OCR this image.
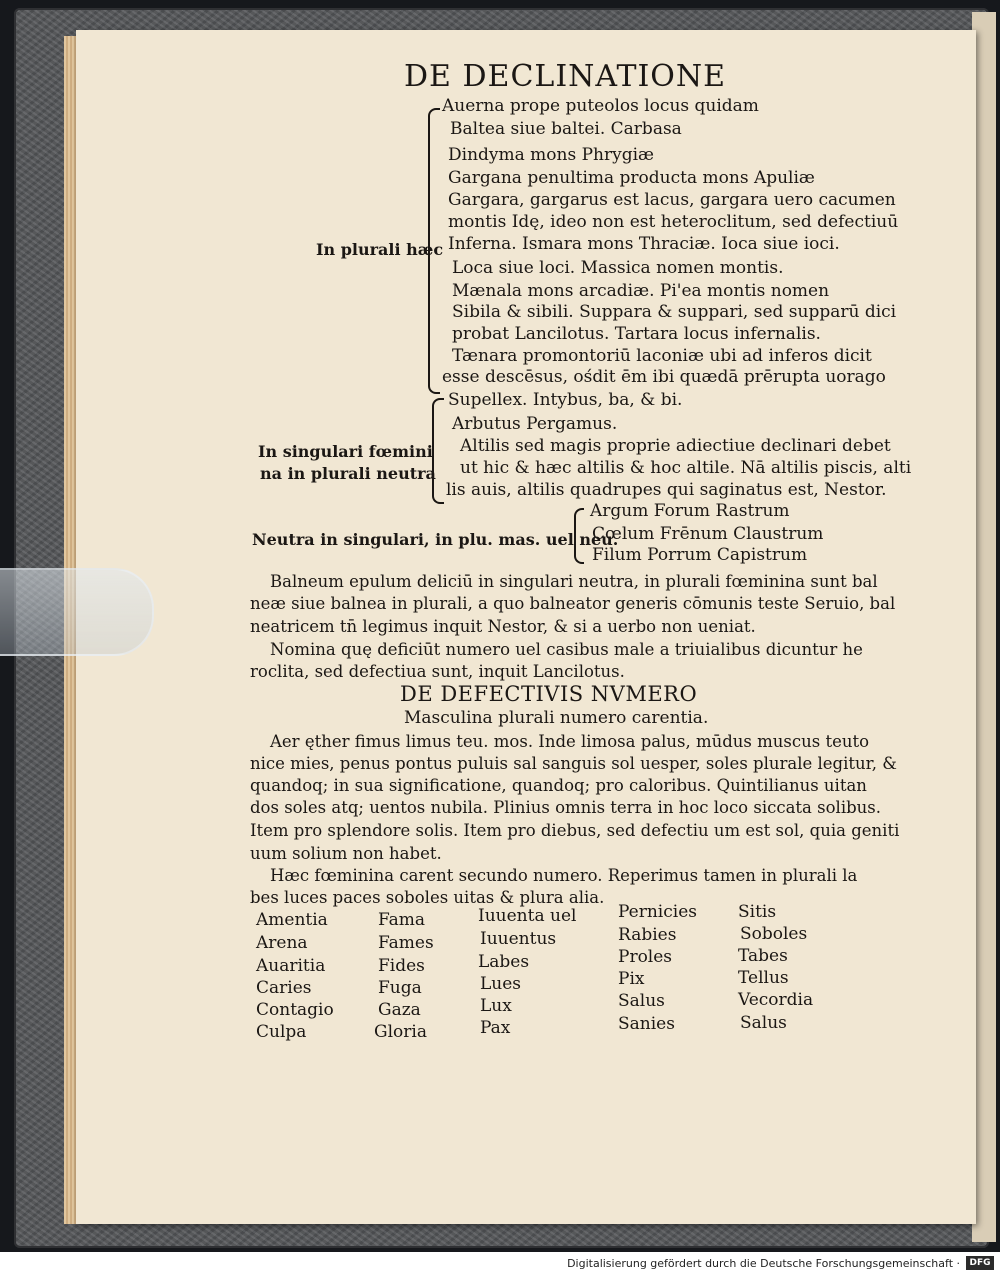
DE DECLINATIONE
In plurali hæc
Auerna prope puteolos locus quidam
Baltea siue baltei. Carbasa
Dindyma mons Phrygiæ
Gargana penultima producta mons Apuliæ
Gargara, gargarus est lacus, gargara uero cacumen
montis Idę, ideo non est heteroclitum, sed defectiuū
Inferna. Ismara mons Thraciæ. Ioca siue ioci.
Loca siue loci. Massica nomen montis.
Mænala mons arcadiæ. Pi'ea montis nomen
Sibila & sibili. Suppara & suppari, sed supparū dici
probat Lancilotus. Tartara locus infernalis.
Tænara promontoriū laconiæ ubi ad inferos dicit
esse descēsus, ośdit ēm ibi quædā prērupta uorago
In singulari fœmini
na in plurali neutra
Supellex. Intybus, ba, & bi.
Arbutus Pergamus.
Altilis sed magis proprie adiectiue declinari debet
ut hic & hæc altilis & hoc altile. Nā altilis piscis, alti
lis auis, altilis quadrupes qui saginatus est, Nestor.
Neutra in singulari, in plu. mas. uel neu.
Argum Forum Rastrum
Cœlum Frēnum Claustrum
Filum Porrum Capistrum
Balneum epulum deliciū in singulari neutra, in plurali fœminina sunt bal
neæ siue balnea in plurali, a quo balneator generis cōmunis teste Seruio, bal
neatricem tn̄ legimus inquit Nestor, & si a uerbo non ueniat.
Nomina quę deficiūt numero uel casibus male a triuialibus dicuntur he
roclita, sed defectiua sunt, inquit Lancilotus.
DE DEFECTIVIS NVMERO
Masculina plurali numero carentia.
Aer ęther fimus limus teu. mos. Inde limosa palus, mūdus muscus teuto
nice mies, penus pontus puluis sal sanguis sol uesper, soles plurale legitur, &
quandoq; in sua significatione, quandoq; pro caloribus. Quintilianus uitan
dos soles atq; uentos nubila. Plinius omnis terra in hoc loco siccata solibus.
Item pro splendore solis. Item pro diebus, sed defectiu um est sol, quia geniti
uum solium non habet.
Hæc fœminina carent secundo numero. Reperimus tamen in plurali la
bes luces paces soboles uitas & plura alia.
Amentia
Arena
Auaritia
Caries
Contagio
Culpa
Fama
Fames
Fides
Fuga
Gaza
Gloria
Iuuenta uel
Iuuentus
Labes
Lues
Lux
Pax
Pernicies
Rabies
Proles
Pix
Salus
Sanies
Sitis
Soboles
Tabes
Tellus
Vecordia
Salus
Digitalisierung gefördert durch die Deutsche Forschungsgemeinschaft ·	DFG
